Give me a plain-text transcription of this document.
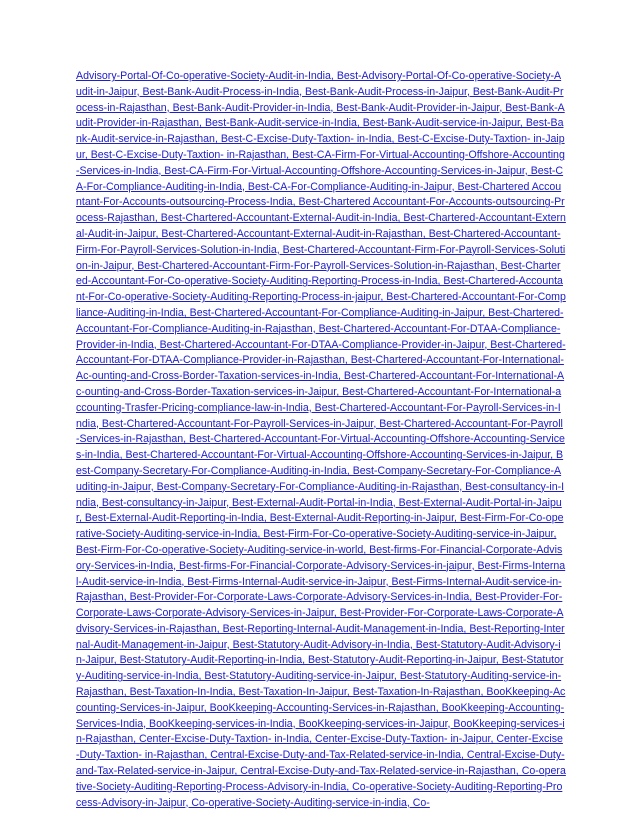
Advisory-Portal-Of-Co-operative-Society-Audit-in-India, Best-Advisory-Portal-Of-Co-operative-Society-Audit-in-Jaipur, Best-Bank-Audit-Process-in-India, Best-Bank-Audit-Process-in-Jaipur, Best-Bank-Audit-Process-in-Rajasthan, Best-Bank-Audit-Provider-in-India, Best-Bank-Audit-Provider-in-Jaipur, Best-Bank-Audit-Provider-in-Rajasthan, Best-Bank-Audit-service-in-India, Best-Bank-Audit-service-in-Jaipur, Best-Bank-Audit-service-in-Rajasthan, Best-C-Excise-Duty-Taxtion- in-India, Best-C-Excise-Duty-Taxtion- in-Jaipur, Best-C-Excise-Duty-Taxtion- in-Rajasthan, Best-CA-Firm-For-Virtual-Accounting-Offshore-Accounting-Services-in-India, Best-CA-Firm-For-Virtual-Accounting-Offshore-Accounting-Services-in-Jaipur, Best-CA-For-Compliance-Auditing-in-India, Best-CA-For-Compliance-Auditing-in-Jaipur, Best-Chartered Accountant-For-Accounts-outsourcing-Process-India, Best-Chartered Accountant-For-Accounts-outsourcing-Process-Rajasthan, Best-Chartered-Accountant-External-Audit-in-India, Best-Chartered-Accountant-External-Audit-in-Jaipur, Best-Chartered-Accountant-External-Audit-in-Rajasthan, Best-Chartered-Accountant-Firm-For-Payroll-Services-Solution-in-India, Best-Chartered-Accountant-Firm-For-Payroll-Services-Solution-in-Jaipur, Best-Chartered-Accountant-Firm-For-Payroll-Services-Solution-in-Rajasthan, Best-Chartered-Accountant-For-Co-operative-Society-Auditing-Reporting-Process-in-India, Best-Chartered-Accountant-For-Co-operative-Society-Auditing-Reporting-Process-in-jaipur, Best-Chartered-Accountant-For-Compliance-Auditing-in-India, Best-Chartered-Accountant-For-Compliance-Auditing-in-Jaipur, Best-Chartered-Accountant-For-Compliance-Auditing-in-Rajasthan, Best-Chartered-Accountant-For-DTAA-Compliance-Provider-in-India, Best-Chartered-Accountant-For-DTAA-Compliance-Provider-in-Jaipur, Best-Chartered-Accountant-For-DTAA-Compliance-Provider-in-Rajasthan, Best-Chartered-Accountant-For-International-Ac-ounting-and-Cross-Border-Taxation-services-in-India, Best-Chartered-Accountant-For-International-Ac-ounting-and-Cross-Border-Taxation-services-in-Jaipur, Best-Chartered-Accountant-For-International-accounting-Trasfer-Pricing-compliance-law-in-India, Best-Chartered-Accountant-For-Payroll-Services-in-India, Best-Chartered-Accountant-For-Payroll-Services-in-Jaipur, Best-Chartered-Accountant-For-Payroll-Services-in-Rajasthan, Best-Chartered-Accountant-For-Virtual-Accounting-Offshore-Accounting-Services-in-India, Best-Chartered-Accountant-For-Virtual-Accounting-Offshore-Accounting-Services-in-Jaipur, Best-Company-Secretary-For-Compliance-Auditing-in-India, Best-Company-Secretary-For-Compliance-Auditing-in-Jaipur, Best-Company-Secretary-For-Compliance-Auditing-in-Rajasthan, Best-consultancy-in-India, Best-consultancy-in-Jaipur, Best-External-Audit-Portal-in-India, Best-External-Audit-Portal-in-Jaipur, Best-External-Audit-Reporting-in-India, Best-External-Audit-Reporting-in-Jaipur, Best-Firm-For-Co-operative-Society-Auditing-service-in-India, Best-Firm-For-Co-operative-Society-Auditing-service-in-Jaipur, Best-Firm-For-Co-operative-Society-Auditing-service-in-world, Best-firms-For-Financial-Corporate-Advisory-Services-in-India, Best-firms-For-Financial-Corporate-Advisory-Services-in-jaipur, Best-Firms-Internal-Audit-service-in-India, Best-Firms-Internal-Audit-service-in-Jaipur, Best-Firms-Internal-Audit-service-in-Rajasthan, Best-Provider-For-Corporate-Laws-Corporate-Advisory-Services-in-India, Best-Provider-For-Corporate-Laws-Corporate-Advisory-Services-in-Jaipur, Best-Provider-For-Corporate-Laws-Corporate-Advisory-Services-in-Rajasthan, Best-Reporting-Internal-Audit-Management-in-India, Best-Reporting-Internal-Audit-Management-in-Jaipur, Best-Statutory-Audit-Advisory-in-India, Best-Statutory-Audit-Advisory-in-Jaipur, Best-Statutory-Audit-Reporting-in-India, Best-Statutory-Audit-Reporting-in-Jaipur, Best-Statutory-Auditing-service-in-India, Best-Statutory-Auditing-service-in-Jaipur, Best-Statutory-Auditing-service-in-Rajasthan, Best-Taxation-In-India, Best-Taxation-In-Jaipur, Best-Taxation-In-Rajasthan, BooKkeeping-Accounting-Services-in-Jaipur, BooKkeeping-Accounting-Services-in-Rajasthan, BooKkeeping-Accounting-Services-India, BooKkeeping-services-in-India, BooKkeeping-services-in-Jaipur, BooKkeeping-services-in-Rajasthan, Center-Excise-Duty-Taxtion- in-India, Center-Excise-Duty-Taxtion- in-Jaipur, Center-Excise-Duty-Taxtion- in-Rajasthan, Central-Excise-Duty-and-Tax-Related-service-in-India, Central-Excise-Duty-and-Tax-Related-service-in-Jaipur, Central-Excise-Duty-and-Tax-Related-service-in-Rajasthan, Co-operative-Society-Auditing-Reporting-Process-Advisory-in-India, Co-operative-Society-Auditing-Reporting-Process-Advisory-in-Jaipur, Co-operative-Society-Auditing-service-in-india, Co-
